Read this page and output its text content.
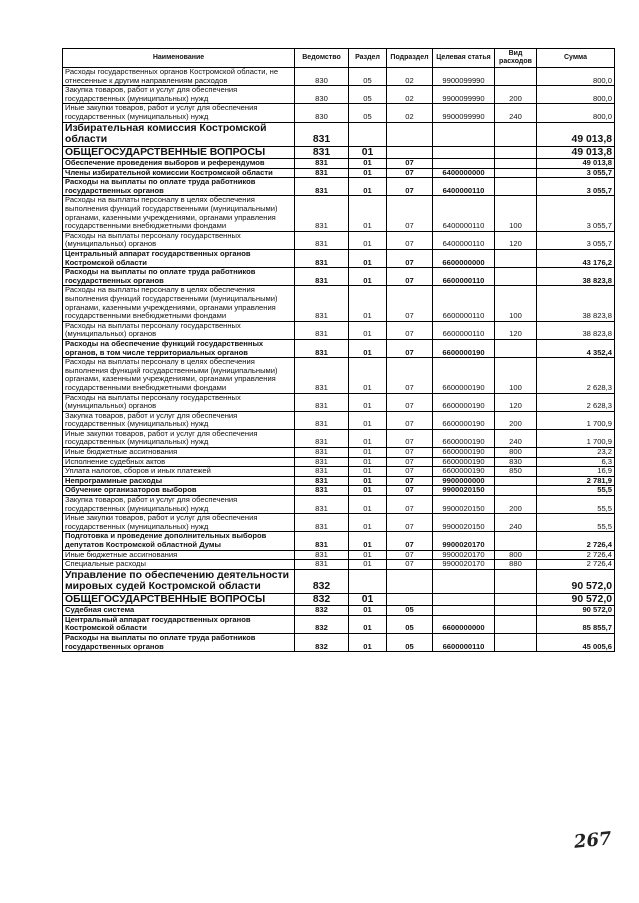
Наименование	Ведомство	Раздел	Подраздел	Целевая статья	Вид расходов	Сумма
Расходы государственных органов Костромской области, не отнесенные к другим направлениям расходов	830	05	02	9900099990		800,0
Закупка товаров, работ и услуг для обеспечения государственных (муниципальных) нужд	830	05	02	9900099990	200	800,0
Иные закупки товаров, работ и услуг для обеспечения государственных (муниципальных) нужд	830	05	02	9900099990	240	800,0
Избирательная комиссия Костромской области	831					49 013,8
ОБЩЕГОСУДАРСТВЕННЫЕ ВОПРОСЫ	831	01				49 013,8
Обеспечение проведения выборов и референдумов	831	01	07			49 013,8
Члены избирательной комиссии Костромской области	831	01	07	6400000000		3 055,7
Расходы на выплаты по оплате труда работников государственных органов	831	01	07	6400000110		3 055,7
Расходы на выплаты персоналу в целях обеспечения выполнения функций государственными (муниципальными) органами, казенными учреждениями, органами управления государственными внебюджетными фондами	831	01	07	6400000110	100	3 055,7
Расходы на выплаты персоналу государственных (муниципальных) органов	831	01	07	6400000110	120	3 055,7
Центральный аппарат государственных органов Костромской области	831	01	07	6600000000		43 176,2
Расходы на выплаты по оплате труда работников государственных органов	831	01	07	6600000110		38 823,8
Расходы на выплаты персоналу в целях обеспечения выполнения функций государственными (муниципальными) органами, казенными учреждениями, органами управления государственными внебюджетными фондами	831	01	07	6600000110	100	38 823,8
Расходы на выплаты персоналу государственных (муниципальных) органов	831	01	07	6600000110	120	38 823,8
Расходы на обеспечение функций государственных органов, в том числе территориальных органов	831	01	07	6600000190		4 352,4
Расходы на выплаты персоналу в целях обеспечения выполнения функций государственными (муниципальными) органами, казенными учреждениями, органами управления государственными внебюджетными фондами	831	01	07	6600000190	100	2 628,3
Расходы на выплаты персоналу государственных (муниципальных) органов	831	01	07	6600000190	120	2 628,3
Закупка товаров, работ и услуг для обеспечения государственных (муниципальных) нужд	831	01	07	6600000190	200	1 700,9
Иные закупки товаров, работ и услуг для обеспечения государственных (муниципальных) нужд	831	01	07	6600000190	240	1 700,9
Иные бюджетные ассигнования	831	01	07	6600000190	800	23,2
Исполнение судебных актов	831	01	07	6600000190	830	6,3
Уплата налогов, сборов и иных платежей	831	01	07	6600000190	850	16,9
Непрограммные расходы	831	01	07	9900000000		2 781,9
Обучение организаторов выборов	831	01	07	9900020150		55,5
Закупка товаров, работ и услуг для обеспечения государственных (муниципальных) нужд	831	01	07	9900020150	200	55,5
Иные закупки товаров, работ и услуг для обеспечения государственных (муниципальных) нужд	831	01	07	9900020150	240	55,5
Подготовка и проведение дополнительных выборов депутатов Костромской областной Думы	831	01	07	9900020170		2 726,4
Иные бюджетные ассигнования	831	01	07	9900020170	800	2 726,4
Специальные расходы	831	01	07	9900020170	880	2 726,4
Управление по обеспечению деятельности мировых судей Костромской области	832					90 572,0
ОБЩЕГОСУДАРСТВЕННЫЕ ВОПРОСЫ	832	01				90 572,0
Судебная система	832	01	05			90 572,0
Центральный аппарат государственных органов Костромской области	832	01	05	6600000000		85 855,7
Расходы на выплаты по оплате труда работников государственных органов	832	01	05	6600000110		45 005,6
267
